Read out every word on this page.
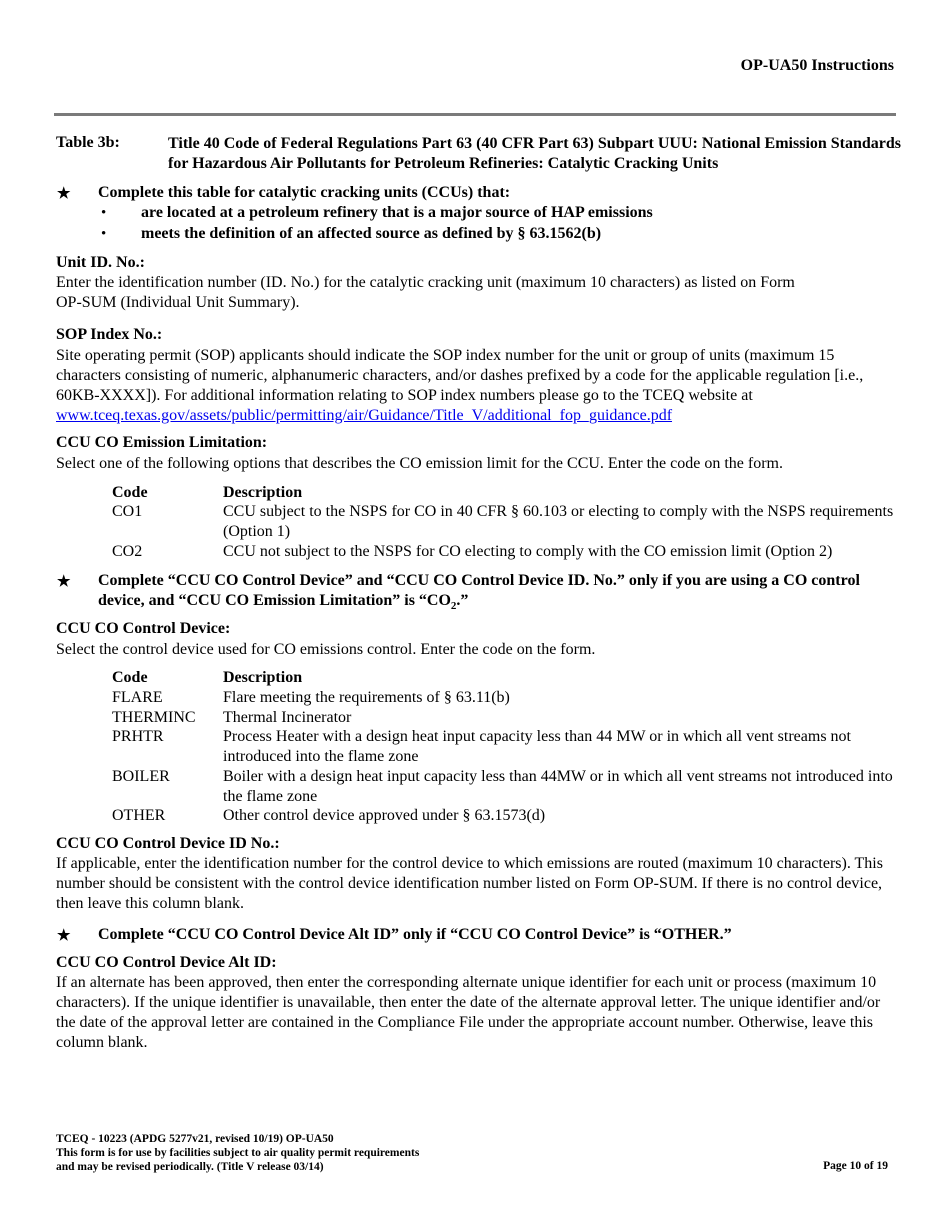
OP-UA50 Instructions
Table 3b:	Title 40 Code of Federal Regulations Part 63 (40 CFR Part 63) Subpart UUU: National Emission Standards for Hazardous Air Pollutants for Petroleum Refineries: Catalytic Cracking Units
★ Complete this table for catalytic cracking units (CCUs) that:
• are located at a petroleum refinery that is a major source of HAP emissions
• meets the definition of an affected source as defined by § 63.1562(b)
Unit ID. No.:
Enter the identification number (ID. No.) for the catalytic cracking unit (maximum 10 characters) as listed on Form OP-SUM (Individual Unit Summary).
SOP Index No.:
Site operating permit (SOP) applicants should indicate the SOP index number for the unit or group of units (maximum 15 characters consisting of numeric, alphanumeric characters, and/or dashes prefixed by a code for the applicable regulation [i.e., 60KB-XXXX]). For additional information relating to SOP index numbers please go to the TCEQ website at www.tceq.texas.gov/assets/public/permitting/air/Guidance/Title_V/additional_fop_guidance.pdf
CCU CO Emission Limitation:
Select one of the following options that describes the CO emission limit for the CCU. Enter the code on the form.
Code	Description
CO1	CCU subject to the NSPS for CO in 40 CFR § 60.103 or electing to comply with the NSPS requirements (Option 1)
CO2	CCU not subject to the NSPS for CO electing to comply with the CO emission limit (Option 2)
★ Complete “CCU CO Control Device” and “CCU CO Control Device ID. No.” only if you are using a CO control device, and “CCU CO Emission Limitation” is “$CO_2$.”
CCU CO Control Device:
Select the control device used for CO emissions control. Enter the code on the form.
Code	Description
FLARE	Flare meeting the requirements of § 63.11(b)
THERMINC Thermal Incinerator
PRHTR	Process Heater with a design heat input capacity less than 44 MW or in which all vent streams not introduced into the flame zone
BOILER	Boiler with a design heat input capacity less than 44MW or in which all vent streams not introduced into the flame zone
OTHER	Other control device approved under § 63.1573(d)
CCU CO Control Device ID No.:
If applicable, enter the identification number for the control device to which emissions are routed (maximum 10 characters). This number should be consistent with the control device identification number listed on Form OP-SUM. If there is no control device, then leave this column blank.
★ Complete “CCU CO Control Device Alt ID” only if “CCU CO Control Device” is “OTHER.”
CCU CO Control Device Alt ID:
If an alternate has been approved, then enter the corresponding alternate unique identifier for each unit or process (maximum 10 characters). If the unique identifier is unavailable, then enter the date of the alternate approval letter. The unique identifier and/or the date of the approval letter are contained in the Compliance File under the appropriate account number. Otherwise, leave this column blank.
TCEQ - 10223 (APDG 5277v21, revised 10/19) OP-UA50
This form is for use by facilities subject to air quality permit requirements
and may be revised periodically. (Title V release 03/14)	Page 10 of 19
